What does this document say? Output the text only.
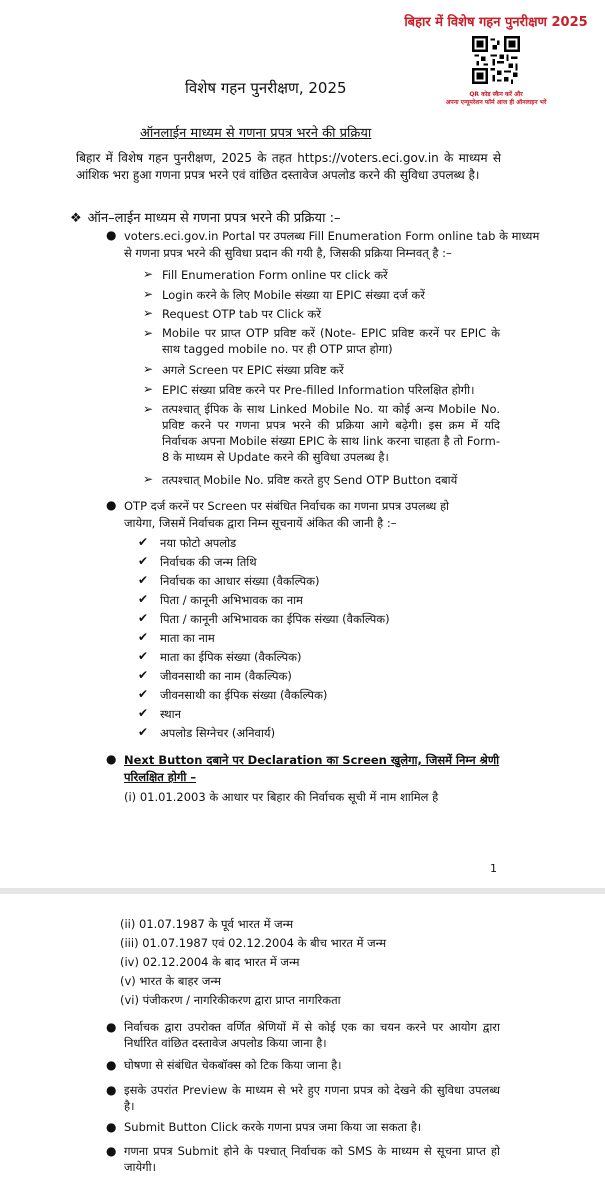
बिहार में विशेष गहन पुनरीक्षण 2025
QR कोड स्कैन करें और
अपना एन्यूमरेशन फॉर्म आज ही ऑनलाइन भरें
विशेष गहन पुनरीक्षण, 2025
ऑनलाईन माध्यम से गणना प्रपत्र भरने की प्रक्रिया
बिहार में विशेष गहन पुनरीक्षण, 2025 के तहत https://voters.eci.gov.in के माध्यम से आंशिक भरा हुआ गणना प्रपत्र भरने एवं वांछित दस्तावेज अपलोड करने की सुविधा उपलब्ध है।
❖ ऑन–लाईन माध्यम से गणना प्रपत्र भरने की प्रक्रिया :–
● voters.eci.gov.in Portal पर उपलब्ध Fill Enumeration Form online tab के माध्यम
से गणना प्रपत्र भरने की सुविधा प्रदान की गयी है, जिसकी प्रक्रिया निम्नवत् है :–
➢ Fill Enumeration Form online पर click करें
➢ Login करने के लिए Mobile संख्या या EPIC संख्या दर्ज करें
➢ Request OTP tab पर Click करें
➢ Mobile पर प्राप्त OTP प्रविष्ट करें (Note- EPIC प्रविष्ट करनें पर EPIC के साथ tagged mobile no. पर ही OTP प्राप्त होगा)
➢ अगले Screen पर EPIC संख्या प्रविष्ट करें
➢ EPIC संख्या प्रविष्ट करने पर Pre-filled Information परिलक्षित होगी।
➢ तत्पश्चात् ईपिक के साथ Linked Mobile No. या कोई अन्य Mobile No. प्रविष्ट करने पर गणना प्रपत्र भरने की प्रक्रिया आगे बढ़ेगी। इस क्रम में यदि निर्वाचक अपना Mobile संख्या EPIC के साथ link करना चाहता है तो Form-8 के माध्यम से Update करने की सुविधा उपलब्ध है।
➢ तत्पश्चात् Mobile No. प्रविष्ट करते हुए Send OTP Button दबायें
● OTP दर्ज करनें पर Screen पर संबंधित निर्वाचक का गणना प्रपत्र उपलब्ध हो
जायेगा, जिसमें निर्वाचक द्वारा निम्न सूचनायें अंकित की जानी है :–
✔ नया फोटो अपलोड
✔ निर्वाचक की जन्म तिथि
✔ निर्वाचक का आधार संख्या (वैकल्पिक)
✔ पिता / कानूनी अभिभावक का नाम
✔ पिता / कानूनी अभिभावक का ईपिक संख्या (वैकल्पिक)
✔ माता का नाम
✔ माता का ईपिक संख्या (वैकल्पिक)
✔ जीवनसाथी का नाम (वैकल्पिक)
✔ जीवनसाथी का ईपिक संख्या (वैकल्पिक)
✔ स्थान
✔ अपलोड सिग्नेचर (अनिवार्य)
● Next Button दबाने पर Declaration का Screen खुलेगा, जिसमें निम्न श्रेणी
परिलक्षित होगी –
(i) 01.01.2003 के आधार पर बिहार की निर्वाचक सूची में नाम शामिल है
1
(ii) 01.07.1987 के पूर्व भारत में जन्म
(iii) 01.07.1987 एवं 02.12.2004 के बीच भारत में जन्म
(iv) 02.12.2004 के बाद भारत में जन्म
(v) भारत के बाहर जन्म
(vi) पंजीकरण / नागरिकीकरण द्वारा प्राप्त नागरिकता
● निर्वाचक द्वारा उपरोक्त वर्णित श्रेणियों में से कोई एक का चयन करने पर आयोग द्वारा निर्धारित वांछित दस्तावेज अपलोड किया जाना है।
● घोषणा से संबंधित चेकबॉक्स को टिक किया जाना है।
● इसके उपरांत Preview के माध्यम से भरे हुए गणना प्रपत्र को देखने की सुविधा उपलब्ध है।
● Submit Button Click करके गणना प्रपत्र जमा किया जा सकता है।
● गणना प्रपत्र Submit होने के पश्चात् निर्वाचक को SMS के माध्यम से सूचना प्राप्त हो जायेगी।
